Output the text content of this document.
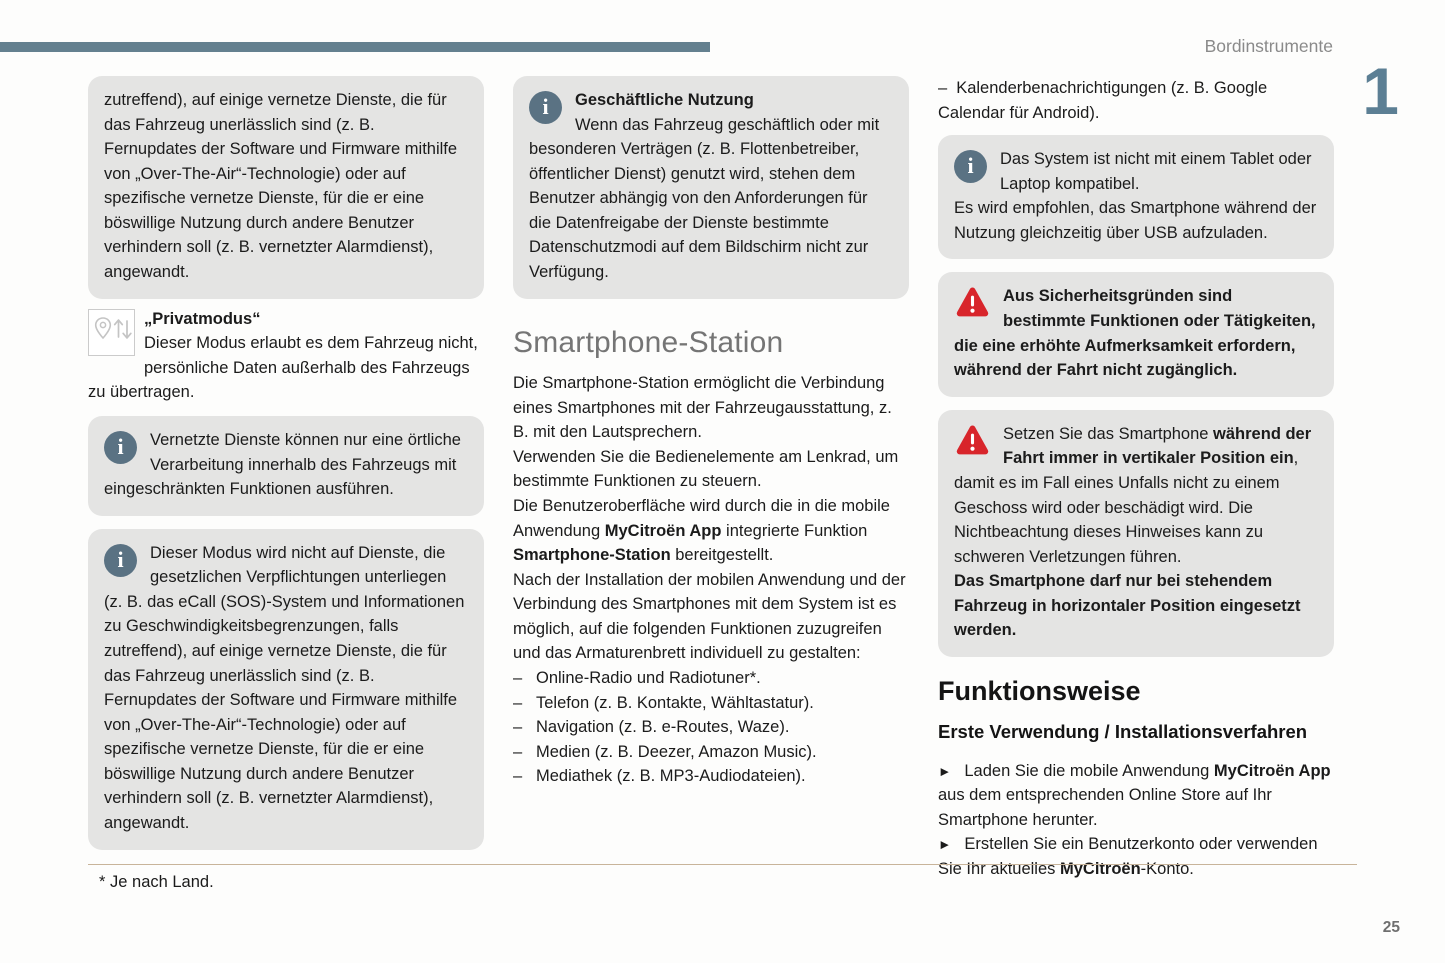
Bordinstrumente
1
zutreffend), auf einige vernetze Dienste, die für das Fahrzeug unerlässlich sind (z. B. Fernupdates der Software und Firmware mithilfe von „Over-The-Air“-Technologie) oder auf spezifische vernetze Dienste, für die er eine böswillige Nutzung durch andere Benutzer verhindern soll (z. B. vernetzter Alarmdienst), angewandt.
„Privatmodus“
Dieser Modus erlaubt es dem Fahrzeug nicht, persönliche Daten außerhalb des Fahrzeugs zu übertragen.
i	Vernetzte Dienste können nur eine örtliche Verarbeitung innerhalb des Fahrzeugs mit eingeschränkten Funktionen ausführen.
i	Dieser Modus wird nicht auf Dienste, die gesetzlichen Verpflichtungen unterliegen (z. B. das eCall (SOS)-System und Informationen zu Geschwindigkeitsbegrenzungen, falls zutreffend), auf einige vernetze Dienste, die für das Fahrzeug unerlässlich sind (z. B. Fernupdates der Software und Firmware mithilfe von „Over-The-Air“-Technologie) oder auf spezifische vernetze Dienste, für die er eine böswillige Nutzung durch andere Benutzer verhindern soll (z. B. vernetzter Alarmdienst), angewandt.
i	Geschäftliche Nutzung
Wenn das Fahrzeug geschäftlich oder mit besonderen Verträgen (z. B. Flottenbetreiber, öffentlicher Dienst) genutzt wird, stehen dem Benutzer abhängig von den Anforderungen für die Datenfreigabe der Dienste bestimmte Datenschutzmodi auf dem Bildschirm nicht zur Verfügung.
Smartphone-Station

Die Smartphone-Station ermöglicht die Verbindung eines Smartphones mit der Fahrzeugausstattung, z. B. mit den Lautsprechern.

Verwenden Sie die Bedienelemente am Lenkrad, um bestimmte Funktionen zu steuern.

Die Benutzeroberfläche wird durch die in die mobile Anwendung MyCitroën App integrierte Funktion Smartphone-Station bereitgestellt.

Nach der Installation der mobilen Anwendung und der Verbindung des Smartphones mit dem System ist es möglich, auf die folgenden Funktionen zuzugreifen und das Armaturenbrett individuell zu gestalten:

– Online-Radio und Radiotuner*.
– Telefon (z. B. Kontakte, Wähltastatur).
– Navigation (z. B. e-Routes, Waze).
– Medien (z. B. Deezer, Amazon Music).
– Mediathek (z. B. MP3-Audiodateien).
– Kalenderbenachrichtigungen (z. B. Google Calendar für Android).
i	Das System ist nicht mit einem Tablet oder Laptop kompatibel.
Es wird empfohlen, das Smartphone während der Nutzung gleichzeitig über USB aufzuladen.
Aus Sicherheitsgründen sind bestimmte Funktionen oder Tätigkeiten, die eine erhöhte Aufmerksamkeit erfordern, während der Fahrt nicht zugänglich.
Setzen Sie das Smartphone während der Fahrt immer in vertikaler Position ein, damit es im Fall eines Unfalls nicht zu einem Geschoss wird oder beschädigt wird. Die Nichtbeachtung dieses Hinweises kann zu schweren Verletzungen führen.
Das Smartphone darf nur bei stehendem Fahrzeug in horizontaler Position eingesetzt werden.
Funktionsweise
Erste Verwendung / Installationsverfahren

► Laden Sie die mobile Anwendung MyCitroën App aus dem entsprechenden Online Store auf Ihr Smartphone herunter.

► Erstellen Sie ein Benutzerkonto oder verwenden Sie Ihr aktuelles MyCitroën-Konto.

* Je nach Land.
25
